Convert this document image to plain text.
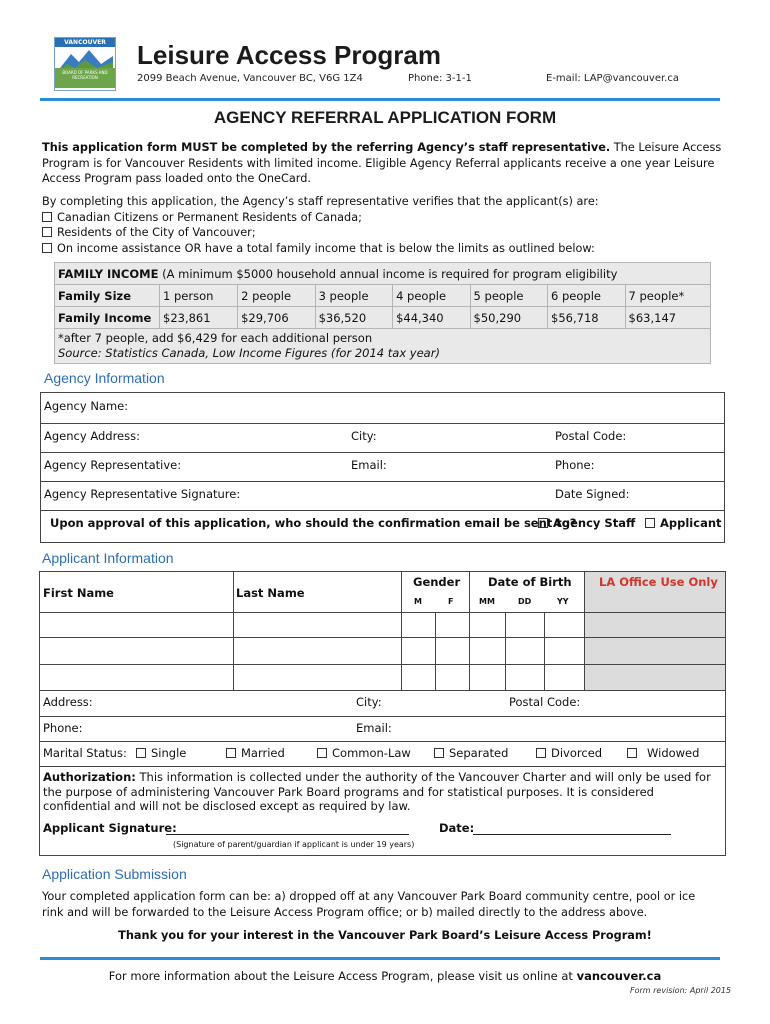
VANCOUVER
BOARD OF PARKS AND RECREATION
Leisure Access Program
2099 Beach Avenue, Vancouver BC, V6G 1Z4	Phone: 3-1-1	E-mail: LAP@vancouver.ca
AGENCY REFERRAL APPLICATION FORM
This application form MUST be completed by the referring Agency’s staff representative. The Leisure Access Program is for Vancouver Residents with limited income. Eligible Agency Referral applicants receive a one year Leisure Access Program pass loaded onto the OneCard.
By completing this application, the Agency’s staff representative verifies that the applicant(s) are:
Canadian Citizens or Permanent Residents of Canada;
Residents of the City of Vancouver;
On income assistance OR have a total family income that is below the limits as outlined below:
FAMILY INCOME (A minimum $5000 household annual income is required for program eligibility							
Family Size	1 person	2 people	3 people	4 people	5 people	6 people	7 people*
Family Income	$23,861	$29,706	$36,520	$44,340	$50,290	$56,718	$63,147

*after 7 people, add $6,429 for each additional person
Source: Statistics Canada, Low Income Figures (for 2014 tax year)							
Agency Information
Agency Name:
Agency Address:	City:	Postal Code:
Agency Representative:	Email:	Phone:
Agency Representative Signature:	Date Signed:
Upon approval of this application, who should the confirmation email be sent to?
Agency Staff	Applicant
Applicant Information
First Name	Last Name
Gender
M	F
Date of Birth
MM	DD	YY
LA Office Use Only
Address:	City:	Postal Code:
Phone:	Email:
Marital Status:	Single	Married	Common-Law	Separated	Divorced	Widowed
Authorization: This information is collected under the authority of the Vancouver Charter and will only be used for the purpose of administering Vancouver Park Board programs and for statistical purposes. It is considered confidential and will not be disclosed except as required by law.
Applicant Signature:	Date:
(Signature of parent/guardian if applicant is under 19 years)
Application Submission
Your completed application form can be: a) dropped off at any Vancouver Park Board community centre, pool or ice rink and will be forwarded to the Leisure Access Program office; or b) mailed directly to the address above.
Thank you for your interest in the Vancouver Park Board’s Leisure Access Program!
For more information about the Leisure Access Program, please visit us online at vancouver.ca
Form revision: April 2015
